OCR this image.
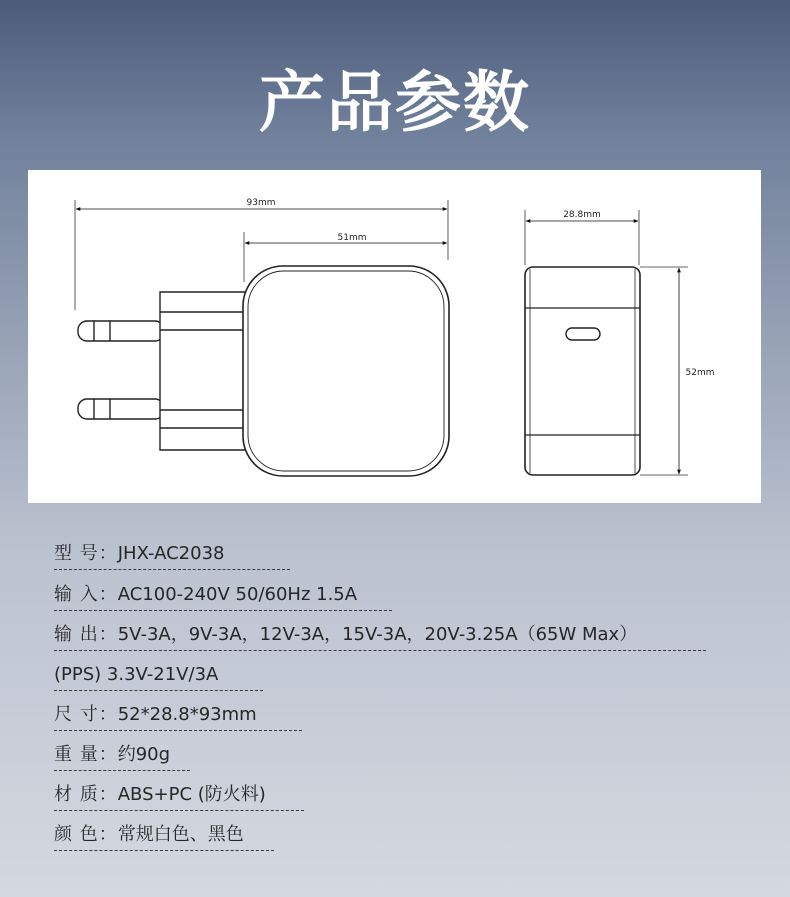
产品参数
93mm
51mm
28.8mm
52mm
型 号：JHX-AC2038
输 入：AC100-240V 50/60Hz 1.5A
输 出：5V-3A，9V-3A，12V-3A，15V-3A，20V-3.25A（65W Max）
(PPS) 3.3V-21V/3A
尺 寸：52*28.8*93mm
重 量：约90g
材 质：ABS+PC (防火料)
颜 色：常规白色、黑色
